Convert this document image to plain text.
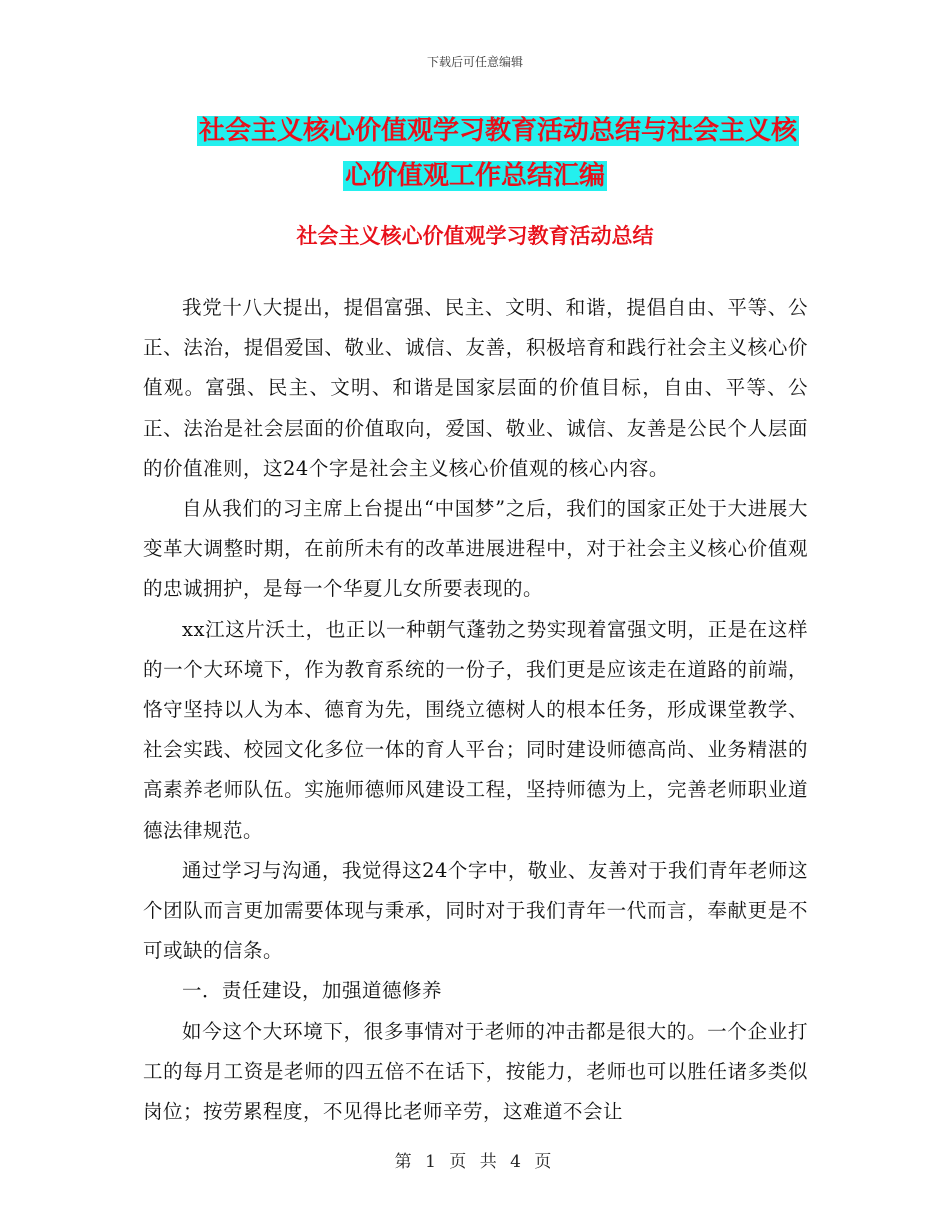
下载后可任意编辑
社会主义核心价值观学习教育活动总结与社会主义核
心价值观工作总结汇编
社会主义核心价值观学习教育活动总结

我党十八大提出，提倡富强、民主、文明、和谐，提倡自由、平等、公正、法治，提倡爱国、敬业、诚信、友善，积极培育和践行社会主义核心价值观。富强、民主、文明、和谐是国家层面的价值目标，自由、平等、公正、法治是社会层面的价值取向，爱国、敬业、诚信、友善是公民个人层面的价值准则，这24个字是社会主义核心价值观的核心内容。

自从我们的习主席上台提出“中国梦”之后，我们的国家正处于大进展大变革大调整时期，在前所未有的改革进展进程中，对于社会主义核心价值观的忠诚拥护，是每一个华夏儿女所要表现的。

xx江这片沃土，也正以一种朝气蓬勃之势实现着富强文明，正是在这样的一个大环境下，作为教育系统的一份子，我们更是应该走在道路的前端，恪守坚持以人为本、德育为先，围绕立德树人的根本任务，形成课堂教学、社会实践、校园文化多位一体的育人平台；同时建设师德高尚、业务精湛的高素养老师队伍。实施师德师风建设工程，坚持师德为上，完善老师职业道德法律规范。

通过学习与沟通，我觉得这24个字中，敬业、友善对于我们青年老师这个团队而言更加需要体现与秉承，同时对于我们青年一代而言，奉献更是不可或缺的信条。

一．责任建设，加强道德修养

如今这个大环境下，很多事情对于老师的冲击都是很大的。一个企业打工的每月工资是老师的四五倍不在话下，按能力，老师也可以胜任诸多类似岗位；按劳累程度，不见得比老师辛劳，这难道不会让

第 1 页 共 4 页
